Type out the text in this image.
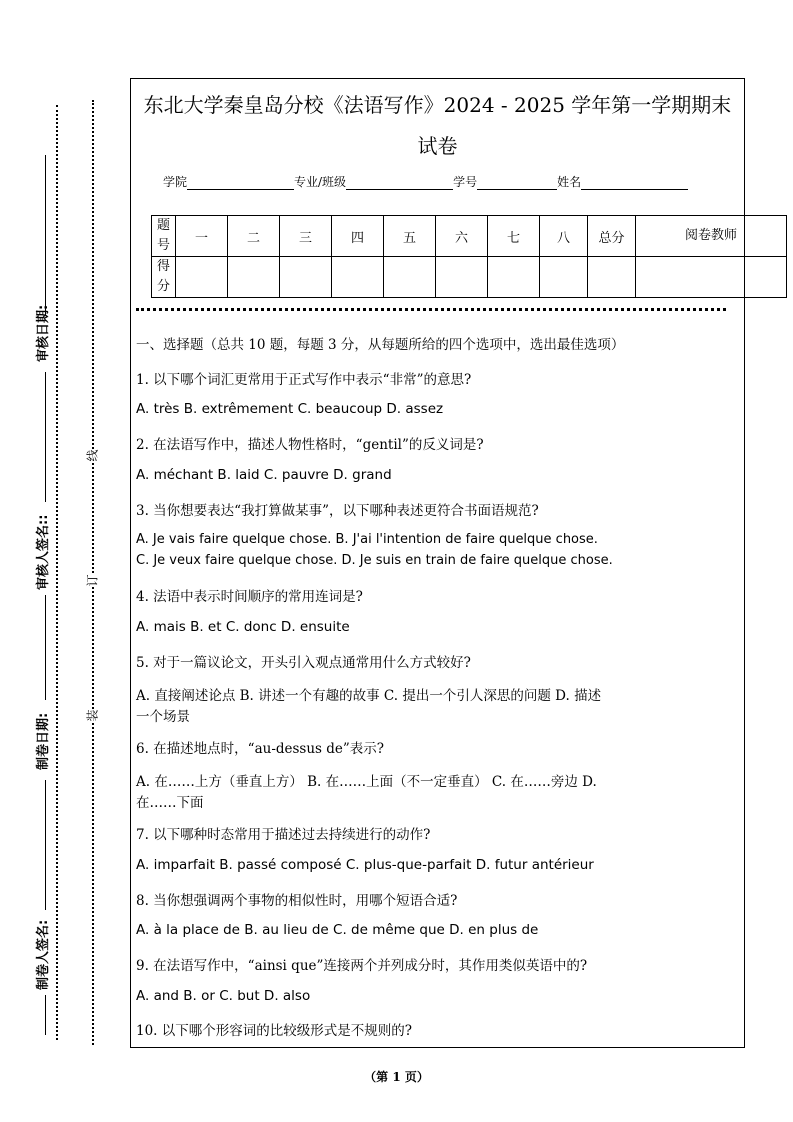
审核日期:
审核人签名::
制卷日期:
制卷人签名:
线
订
装
东北大学秦皇岛分校《法语写作》2024 - 2025 学年第一学期期末
试卷
学院	专业/班级	学号	姓名
题号	一	二	三	四	五	六	七	八	总分	阅卷教师
得分										
一、选择题（总共 10 题，每题 3 分，从每题所给的四个选项中，选出最佳选项）
1. 以下哪个词汇更常用于正式写作中表示“非常”的意思?
A. très B. extrêmement C. beaucoup D. assez
2. 在法语写作中，描述人物性格时，“gentil”的反义词是?
A. méchant B. laid C. pauvre D. grand
3. 当你想要表达“我打算做某事”，以下哪种表述更符合书面语规范?
A. Je vais faire quelque chose. B. J'ai l'intention de faire quelque chose.
C. Je veux faire quelque chose. D. Je suis en train de faire quelque chose.
4. 法语中表示时间顺序的常用连词是?
A. mais B. et C. donc D. ensuite
5. 对于一篇议论文，开头引入观点通常用什么方式较好?
A. 直接阐述论点 B. 讲述一个有趣的故事 C. 提出一个引人深思的问题 D. 描述
一个场景
6. 在描述地点时，“au-dessus de”表示?
A. 在……上方（垂直上方） B. 在……上面（不一定垂直） C. 在……旁边 D.
在……下面
7. 以下哪种时态常用于描述过去持续进行的动作?
A. imparfait B. passé composé C. plus-que-parfait D. futur antérieur
8. 当你想强调两个事物的相似性时，用哪个短语合适?
A. à la place de B. au lieu de C. de même que D. en plus de
9. 在法语写作中，“ainsi que”连接两个并列成分时，其作用类似英语中的?
A. and B. or C. but D. also
10. 以下哪个形容词的比较级形式是不规则的?
（第 1 页）
